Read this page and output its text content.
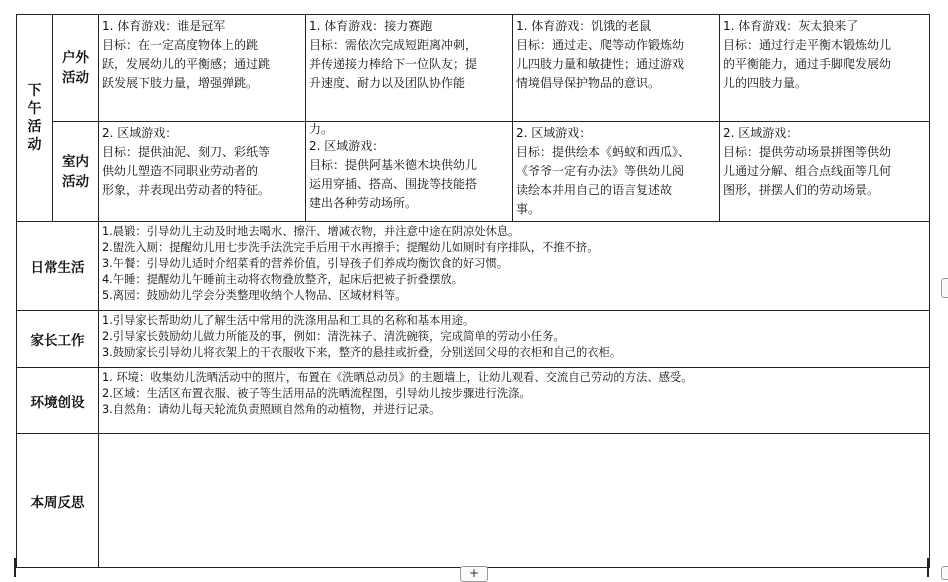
下午活动	户外活动	1. 体育游戏：谁是冠军
目标：在一定高度物体上的跳
跃，发展幼儿的平衡感；通过跳
跃发展下肢力量，增强弹跳。	1. 体育游戏：接力赛跑
目标：需依次完成短距离冲刺，
并传递接力棒给下一位队友；提
升速度、耐力以及团队协作能	1. 体育游戏：饥饿的老鼠
目标：通过走、爬等动作锻炼幼
儿四肢力量和敏捷性；通过游戏
情境倡导保护物品的意识。	1. 体育游戏：灰太狼来了
目标：通过行走平衡木锻炼幼儿
的平衡能力，通过手脚爬发展幼
儿的四肢力量。

	室内活动	2. 区域游戏：
目标：提供油泥、刻刀、彩纸等
供幼儿塑造不同职业劳动者的
形象，并表现出劳动者的特征。	力。
2. 区域游戏：
目标：提供阿基米德木块供幼儿
运用穿插、搭高、围拢等技能搭
建出各种劳动场所。	2. 区域游戏：
目标：提供绘本《蚂蚁和西瓜》、
《爷爷一定有办法》等供幼儿阅
读绘本并用自己的语言复述故
事。	2. 区域游戏：
目标：提供劳动场景拼图等供幼
儿通过分解、组合点线面等几何
图形，拼摆人们的劳动场景。

日常生活		1.晨锻：引导幼儿主动及时地去喝水、擦汗、增减衣物，并注意中途在阴凉处休息。
2.盥洗入厕：提醒幼儿用七步洗手法洗完手后用干水再擦手；提醒幼儿如厕时有序排队，不推不挤。
3.午餐：引导幼儿适时介绍菜肴的营养价值，引导孩子们养成均衡饮食的好习惯。
4.午睡：提醒幼儿午睡前主动将衣物叠放整齐，起床后把被子折叠摆放。
5.离园：鼓励幼儿学会分类整理收纳个人物品、区域材料等。			

家长工作		1.引导家长帮助幼儿了解生活中常用的洗涤用品和工具的名称和基本用途。
2.引导家长鼓励幼儿做力所能及的事，例如：清洗袜子、清洗碗筷，完成简单的劳动小任务。
3.鼓励家长引导幼儿将衣架上的干衣服收下来，整齐的悬挂或折叠，分别送回父母的衣柜和自己的衣柜。			

环境创设		1. 环境：收集幼儿洗晒活动中的照片，布置在《洗晒总动员》的主题墙上，让幼儿观看、交流自己劳动的方法、感受。
2.区域：生活区布置衣服、被子等生活用品的洗晒流程图，引导幼儿按步骤进行洗涤。
3.自然角：请幼儿每天轮流负责照顾自然角的动植物，并进行记录。			

本周反思					
+
